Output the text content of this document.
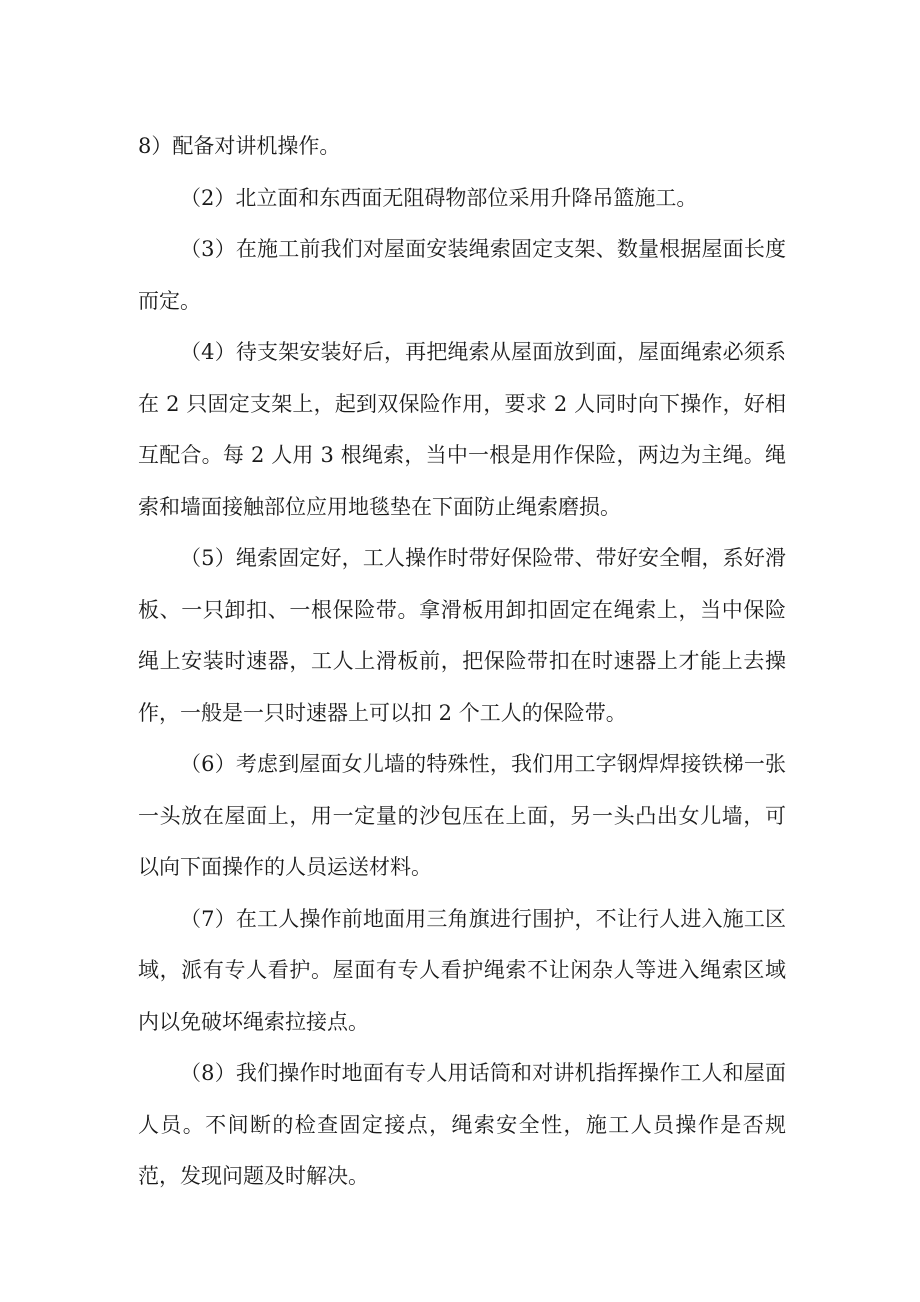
8）配备对讲机操作。

（2）北立面和东西面无阻碍物部位采用升降吊篮施工。

（3）在施工前我们对屋面安装绳索固定支架、数量根据屋面长度而定。

（4）待支架安装好后，再把绳索从屋面放到面，屋面绳索必须系在 2 只固定支架上，起到双保险作用，要求 2 人同时向下操作，好相互配合。每 2 人用 3 根绳索，当中一根是用作保险，两边为主绳。绳索和墙面接触部位应用地毯垫在下面防止绳索磨损。

（5）绳索固定好，工人操作时带好保险带、带好安全帽，系好滑板、一只卸扣、一根保险带。拿滑板用卸扣固定在绳索上，当中保险绳上安装时速器，工人上滑板前，把保险带扣在时速器上才能上去操作，一般是一只时速器上可以扣 2 个工人的保险带。

（6）考虑到屋面女儿墙的特殊性，我们用工字钢焊焊接铁梯一张一头放在屋面上，用一定量的沙包压在上面，另一头凸出女儿墙，可以向下面操作的人员运送材料。

（7）在工人操作前地面用三角旗进行围护，不让行人进入施工区域，派有专人看护。屋面有专人看护绳索不让闲杂人等进入绳索区域内以免破坏绳索拉接点。

（8）我们操作时地面有专人用话筒和对讲机指挥操作工人和屋面人员。不间断的检查固定接点，绳索安全性，施工人员操作是否规范，发现问题及时解决。
